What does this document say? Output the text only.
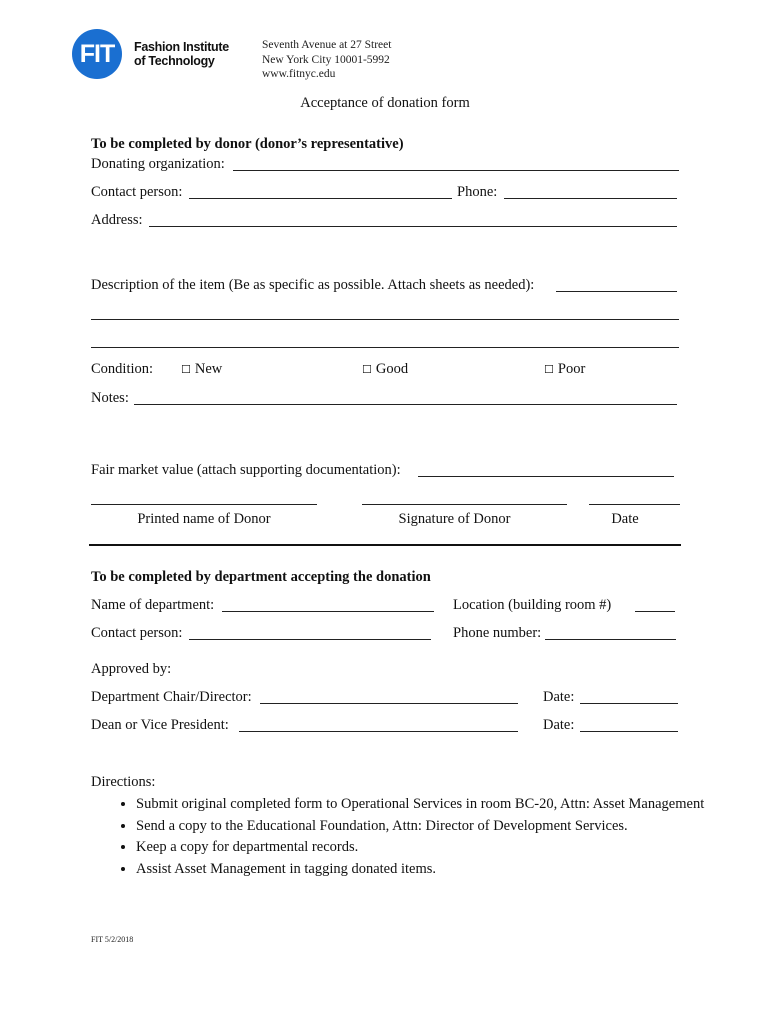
FIT	Fashion Institute
of Technology
Seventh Avenue at 27 Street
New York City 10001-5992
www.fitnyc.edu
Acceptance of donation form
To be completed by donor (donor’s representative)
Donating organization:
Contact person:	Phone:
Address:
Description of the item (Be as specific as possible. Attach sheets as needed):
Condition:	☐ New	☐ Good	☐ Poor
Notes:
Fair market value (attach supporting documentation):
Printed name of Donor	Signature of Donor	Date
To be completed by department accepting the donation
Name of department:	Location (building room #)
Contact person:	Phone number:
Approved by:
Department Chair/Director:	Date:
Dean or Vice President:	Date:
Directions:
• Submit original completed form to Operational Services in room BC-20, Attn: Asset Management
• Send a copy to the Educational Foundation, Attn: Director of Development Services.
• Keep a copy for departmental records.
• Assist Asset Management in tagging donated items.
FIT 5/2/2018
